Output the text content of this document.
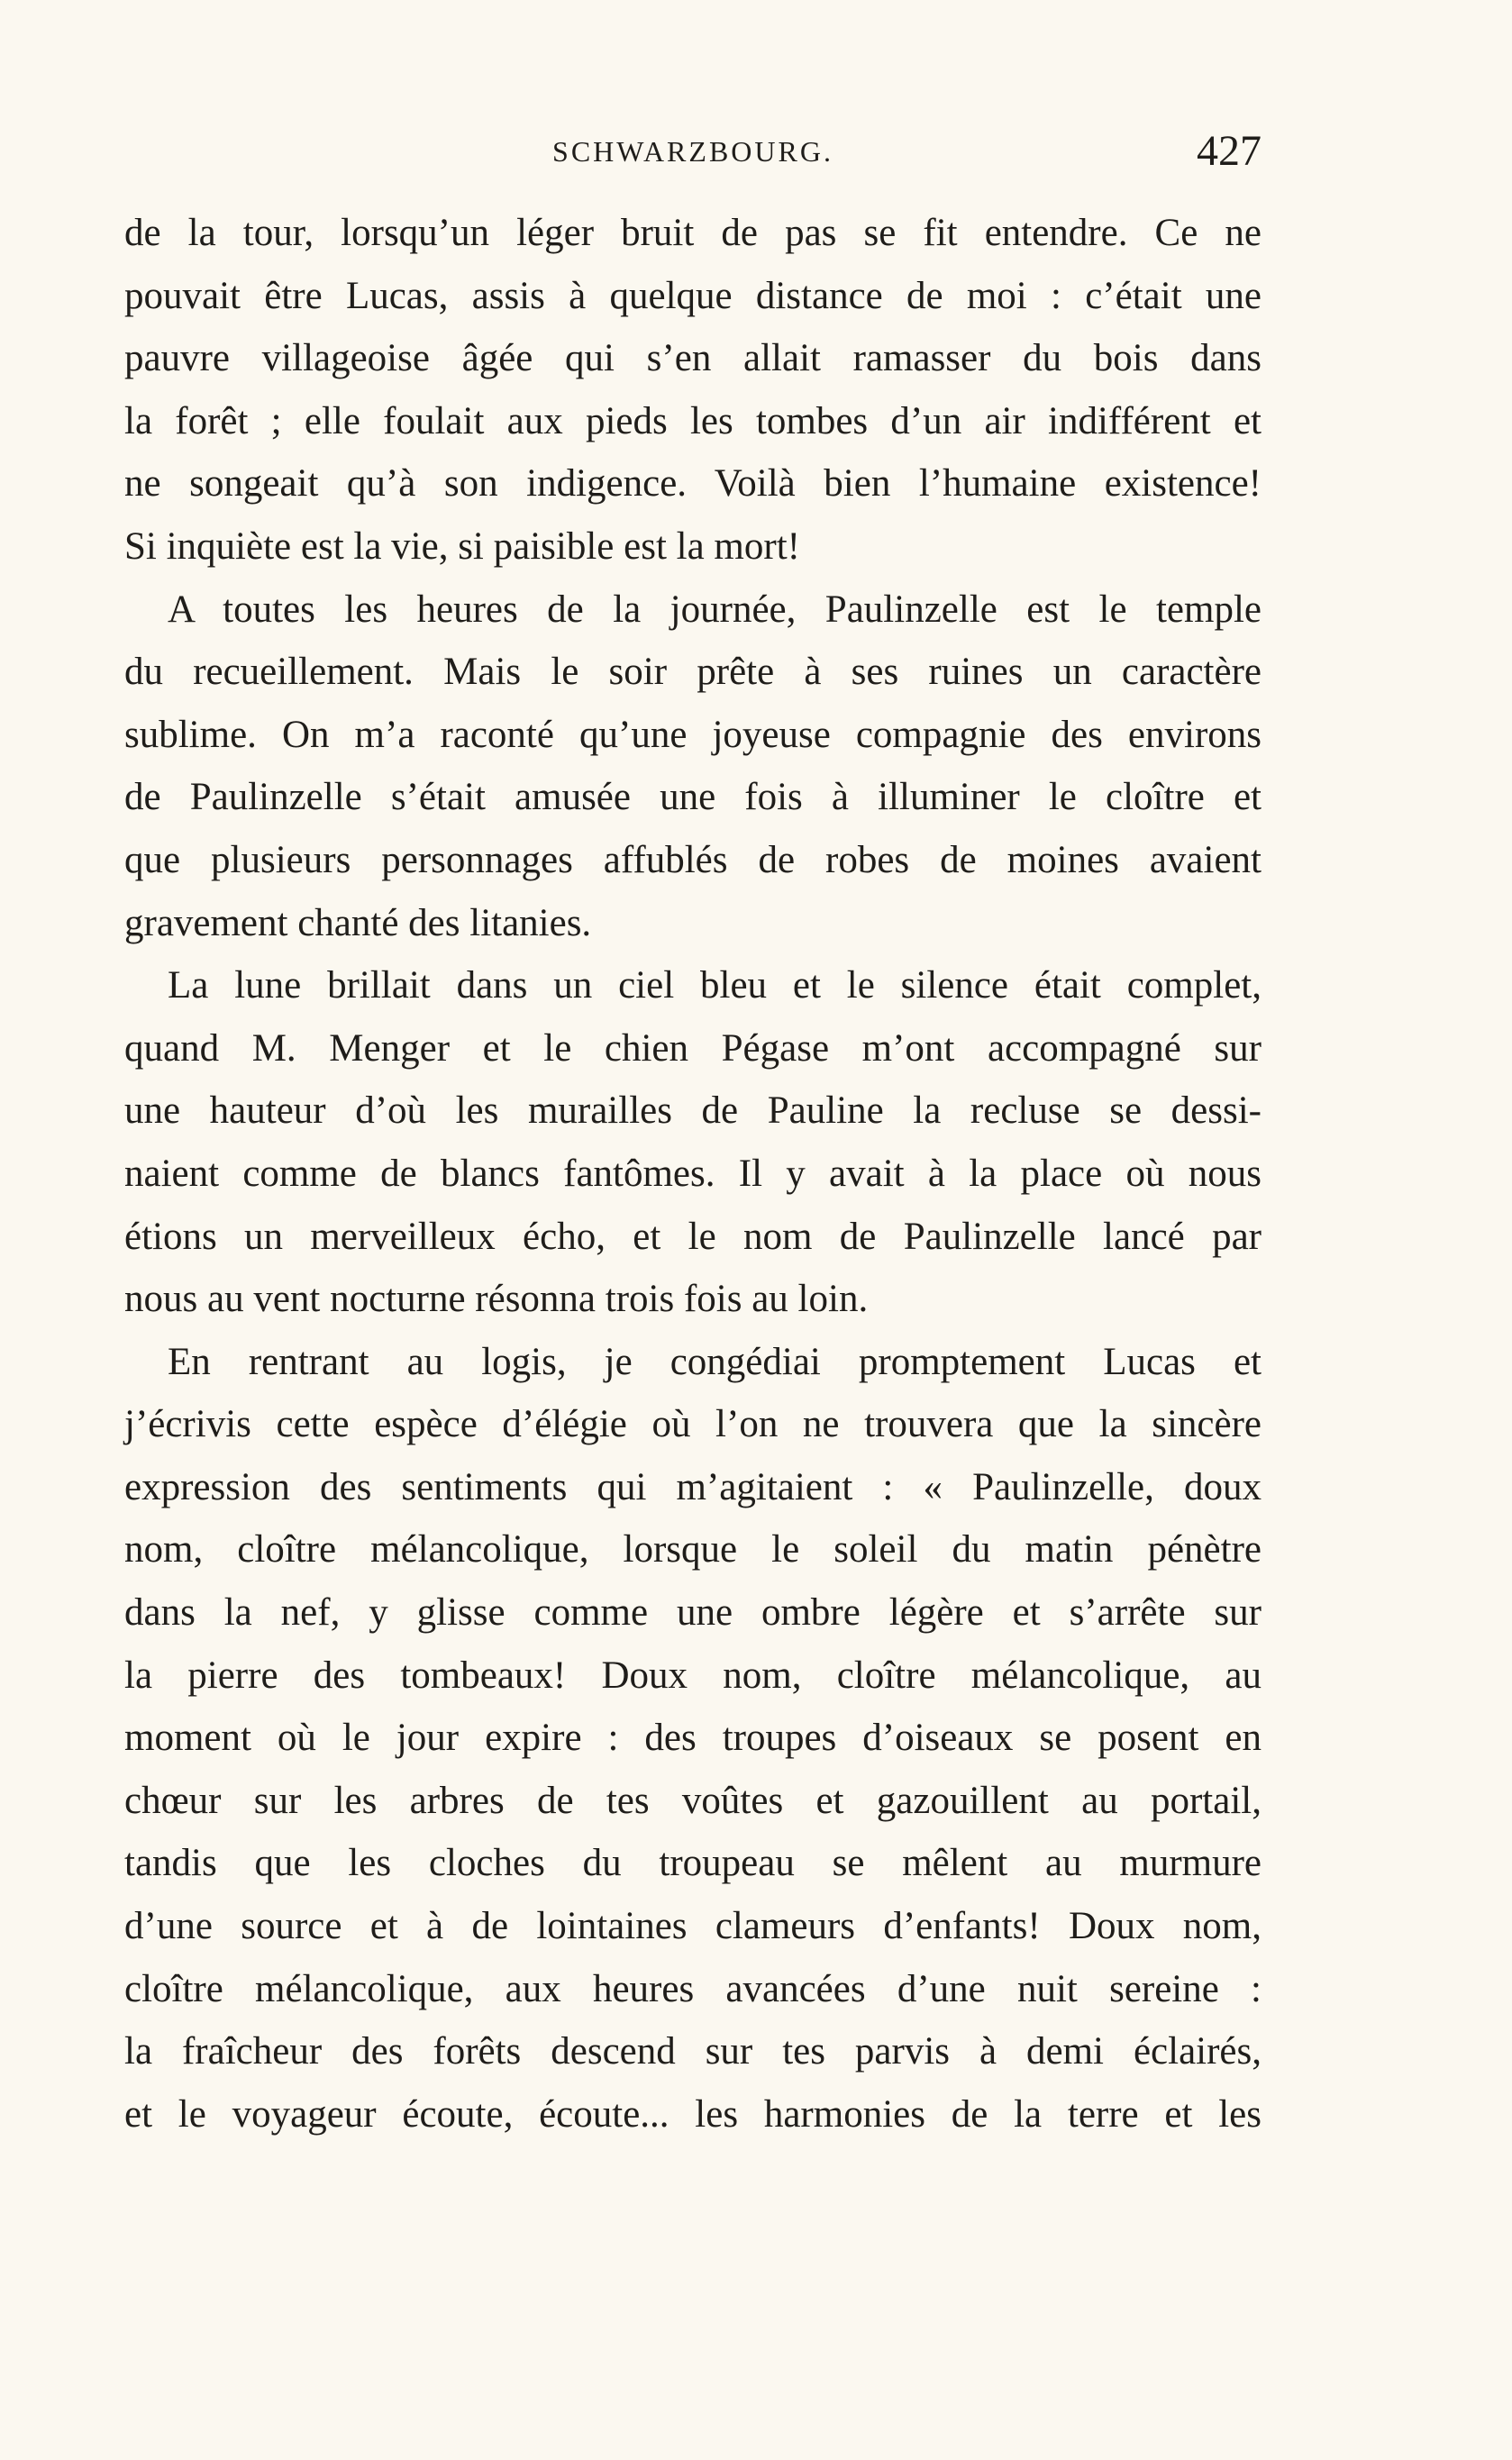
SCHWARZBOURG.	427
de la tour, lorsqu’un léger bruit de pas se fit entendre. Ce ne
pouvait être Lucas, assis à quelque distance de moi : c’était une
pauvre villageoise âgée qui s’en allait ramasser du bois dans
la forêt ; elle foulait aux pieds les tombes d’un air indifférent et
ne songeait qu’à son indigence. Voilà bien l’humaine existence!
Si inquiète est la vie, si paisible est la mort!
A toutes les heures de la journée, Paulinzelle est le temple
du recueillement. Mais le soir prête à ses ruines un caractère
sublime. On m’a raconté qu’une joyeuse compagnie des environs
de Paulinzelle s’était amusée une fois à illuminer le cloître et
que plusieurs personnages affublés de robes de moines avaient
gravement chanté des litanies.
La lune brillait dans un ciel bleu et le silence était complet,
quand M. Menger et le chien Pégase m’ont accompagné sur
une hauteur d’où les murailles de Pauline la recluse se dessi-
naient comme de blancs fantômes. Il y avait à la place où nous
étions un merveilleux écho, et le nom de Paulinzelle lancé par
nous au vent nocturne résonna trois fois au loin.
En rentrant au logis, je congédiai promptement Lucas et
j’écrivis cette espèce d’élégie où l’on ne trouvera que la sincère
expression des sentiments qui m’agitaient : « Paulinzelle, doux
nom, cloître mélancolique, lorsque le soleil du matin pénètre
dans la nef, y glisse comme une ombre légère et s’arrête sur
la pierre des tombeaux! Doux nom, cloître mélancolique, au
moment où le jour expire : des troupes d’oiseaux se posent en
chœur sur les arbres de tes voûtes et gazouillent au portail,
tandis que les cloches du troupeau se mêlent au murmure
d’une source et à de lointaines clameurs d’enfants! Doux nom,
cloître mélancolique, aux heures avancées d’une nuit sereine :
la fraîcheur des forêts descend sur tes parvis à demi éclairés,
et le voyageur écoute, écoute... les harmonies de la terre et les
